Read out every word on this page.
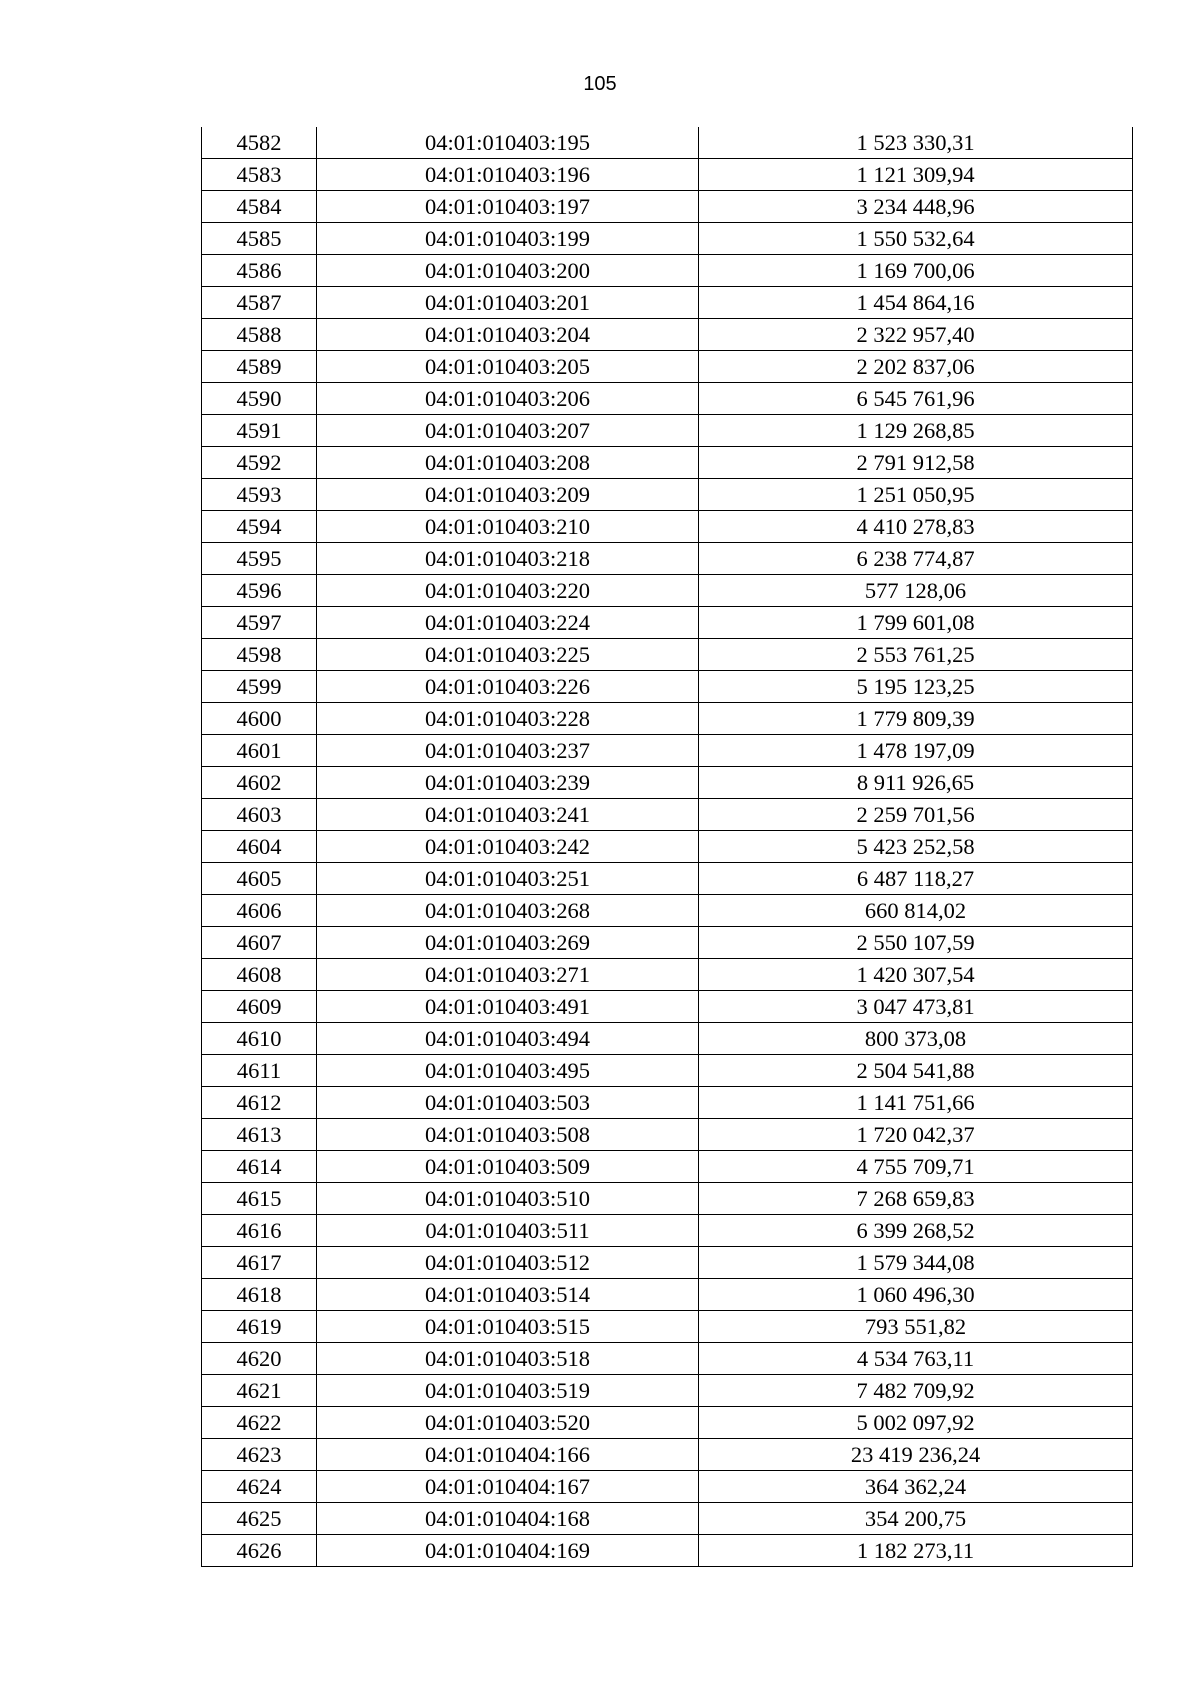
105
4582	04:01:010403:195	1 523 330,31
4583	04:01:010403:196	1 121 309,94
4584	04:01:010403:197	3 234 448,96
4585	04:01:010403:199	1 550 532,64
4586	04:01:010403:200	1 169 700,06
4587	04:01:010403:201	1 454 864,16
4588	04:01:010403:204	2 322 957,40
4589	04:01:010403:205	2 202 837,06
4590	04:01:010403:206	6 545 761,96
4591	04:01:010403:207	1 129 268,85
4592	04:01:010403:208	2 791 912,58
4593	04:01:010403:209	1 251 050,95
4594	04:01:010403:210	4 410 278,83
4595	04:01:010403:218	6 238 774,87
4596	04:01:010403:220	577 128,06
4597	04:01:010403:224	1 799 601,08
4598	04:01:010403:225	2 553 761,25
4599	04:01:010403:226	5 195 123,25
4600	04:01:010403:228	1 779 809,39
4601	04:01:010403:237	1 478 197,09
4602	04:01:010403:239	8 911 926,65
4603	04:01:010403:241	2 259 701,56
4604	04:01:010403:242	5 423 252,58
4605	04:01:010403:251	6 487 118,27
4606	04:01:010403:268	660 814,02
4607	04:01:010403:269	2 550 107,59
4608	04:01:010403:271	1 420 307,54
4609	04:01:010403:491	3 047 473,81
4610	04:01:010403:494	800 373,08
4611	04:01:010403:495	2 504 541,88
4612	04:01:010403:503	1 141 751,66
4613	04:01:010403:508	1 720 042,37
4614	04:01:010403:509	4 755 709,71
4615	04:01:010403:510	7 268 659,83
4616	04:01:010403:511	6 399 268,52
4617	04:01:010403:512	1 579 344,08
4618	04:01:010403:514	1 060 496,30
4619	04:01:010403:515	793 551,82
4620	04:01:010403:518	4 534 763,11
4621	04:01:010403:519	7 482 709,92
4622	04:01:010403:520	5 002 097,92
4623	04:01:010404:166	23 419 236,24
4624	04:01:010404:167	364 362,24
4625	04:01:010404:168	354 200,75
4626	04:01:010404:169	1 182 273,11
